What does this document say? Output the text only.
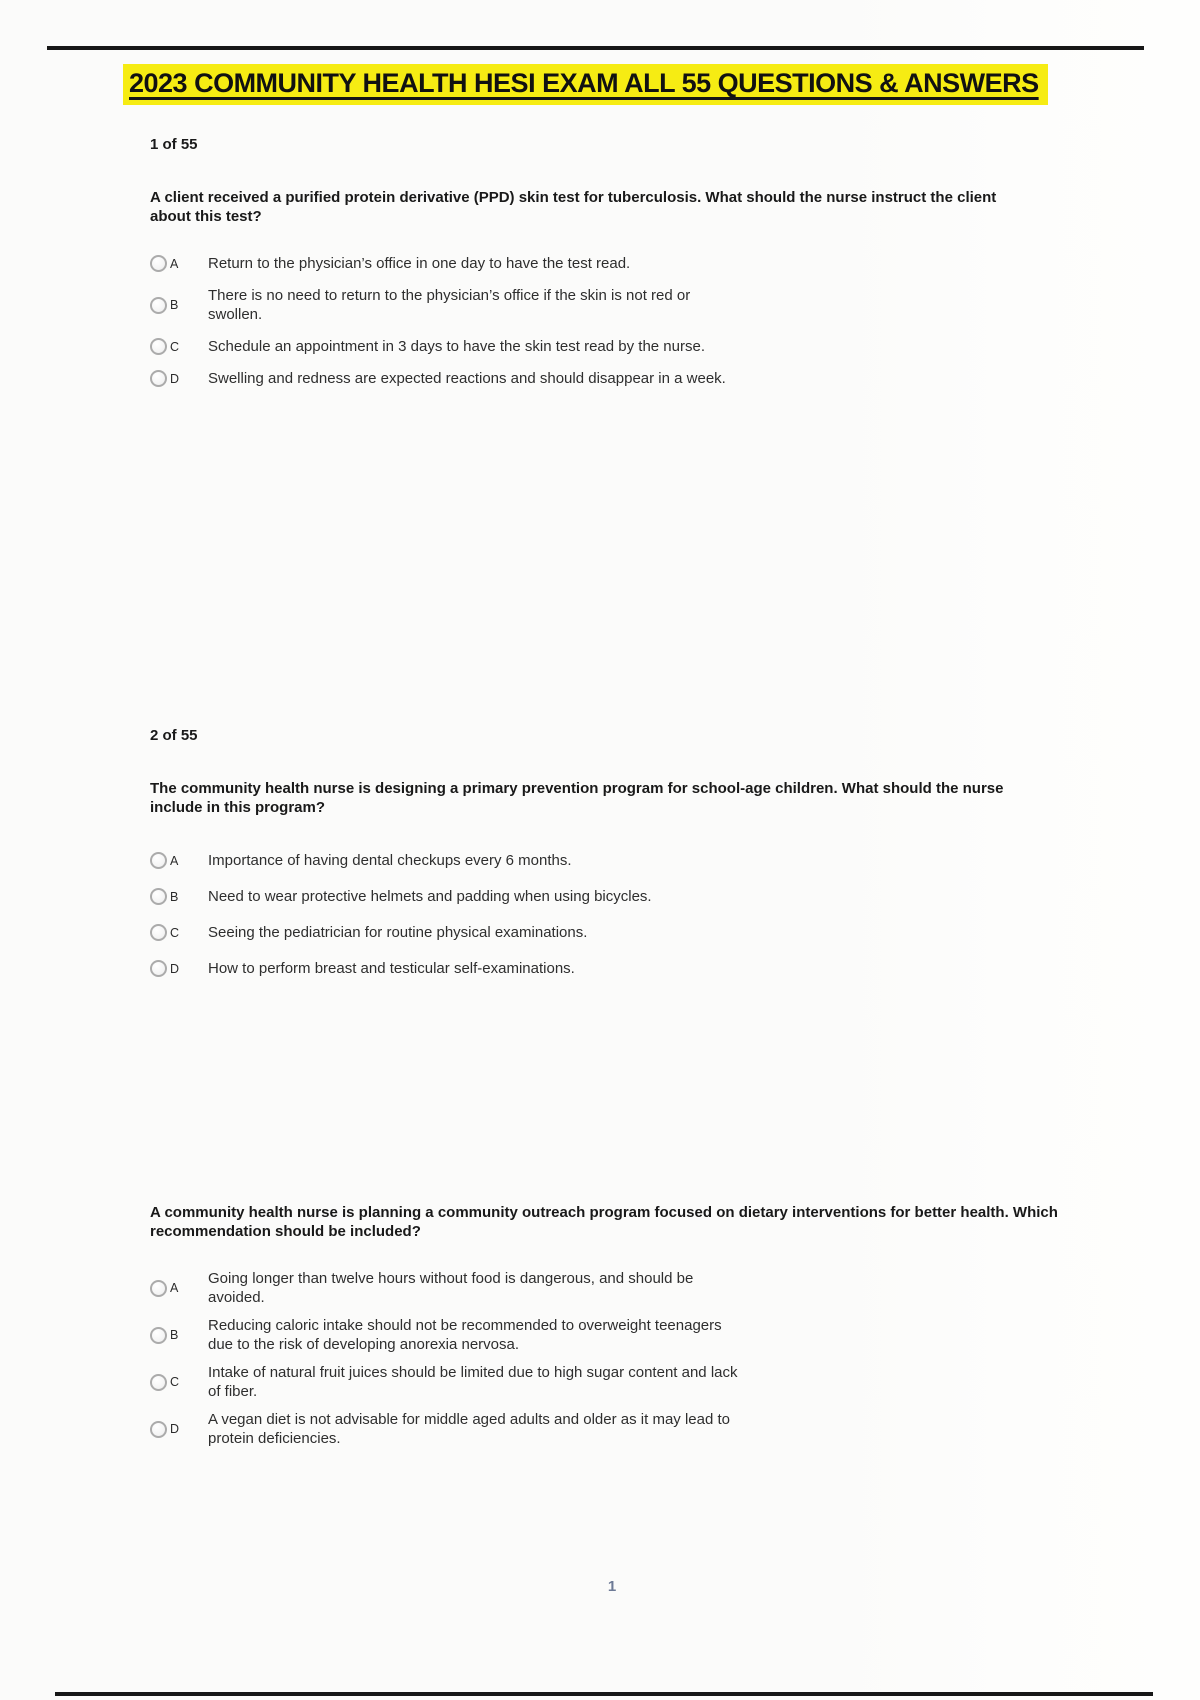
2023 COMMUNITY HEALTH HESI EXAM ALL 55 QUESTIONS & ANSWERS
1 of 55
A client received a purified protein derivative (PPD) skin test for tuberculosis. What should the nurse instruct the client about this test?
A	Return to the physician’s office in one day to have the test read.
B
There is no need to return to the physician’s office if the skin is not red or swollen.
C	Schedule an appointment in 3 days to have the skin test read by the nurse.
D	Swelling and redness are expected reactions and should disappear in a week.
2 of 55
The community health nurse is designing a primary prevention program for school-age children. What should the nurse include in this program?
A	Importance of having dental checkups every 6 months.
B	Need to wear protective helmets and padding when using bicycles.
C	Seeing the pediatrician for routine physical examinations.
D	How to perform breast and testicular self-examinations.
A community health nurse is planning a community outreach program focused on dietary interventions for better health. Which recommendation should be included?
A
Going longer than twelve hours without food is dangerous, and should be avoided.
B
Reducing caloric intake should not be recommended to overweight teenagers due to the risk of developing anorexia nervosa.
C
Intake of natural fruit juices should be limited due to high sugar content and lack of fiber.
D
A vegan diet is not advisable for middle aged adults and older as it may lead to protein deficiencies.
1
